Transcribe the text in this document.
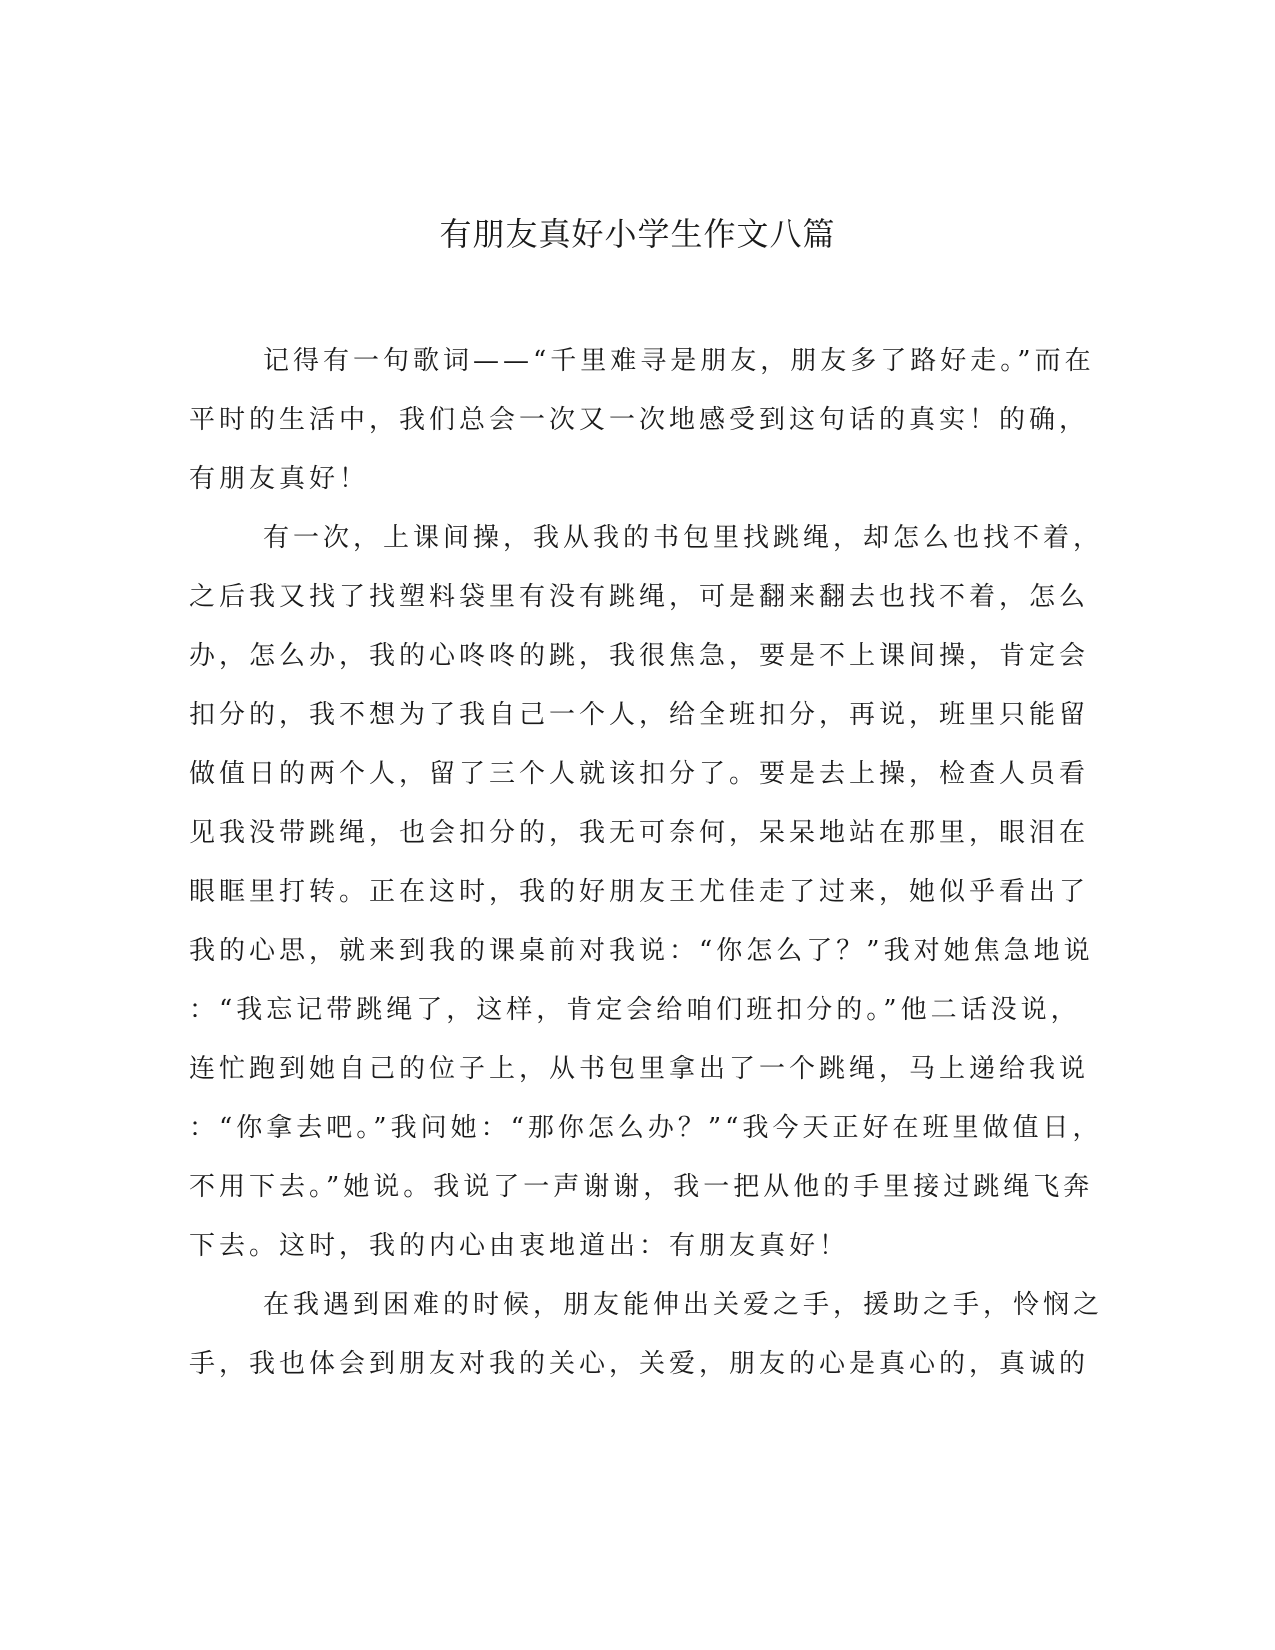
有朋友真好小学生作文八篇
记得有一句歌词——“千里难寻是朋友，朋友多了路好走。”而在
平时的生活中，我们总会一次又一次地感受到这句话的真实！的确，
有朋友真好！
有一次，上课间操，我从我的书包里找跳绳，却怎么也找不着，
之后我又找了找塑料袋里有没有跳绳，可是翻来翻去也找不着，怎么
办，怎么办，我的心咚咚的跳，我很焦急，要是不上课间操，肯定会
扣分的，我不想为了我自己一个人，给全班扣分，再说，班里只能留
做值日的两个人，留了三个人就该扣分了。要是去上操，检查人员看
见我没带跳绳，也会扣分的，我无可奈何，呆呆地站在那里，眼泪在
眼眶里打转。正在这时，我的好朋友王尤佳走了过来，她似乎看出了
我的心思，就来到我的课桌前对我说：“你怎么了？”我对她焦急地说
：“我忘记带跳绳了，这样，肯定会给咱们班扣分的。”他二话没说，
连忙跑到她自己的位子上，从书包里拿出了一个跳绳，马上递给我说
：“你拿去吧。”我问她：“那你怎么办？”“我今天正好在班里做值日，
不用下去。”她说。我说了一声谢谢，我一把从他的手里接过跳绳飞奔
下去。这时，我的内心由衷地道出：有朋友真好！
在我遇到困难的时候，朋友能伸出关爱之手，援助之手，怜悯之
手，我也体会到朋友对我的关心，关爱，朋友的心是真心的，真诚的
